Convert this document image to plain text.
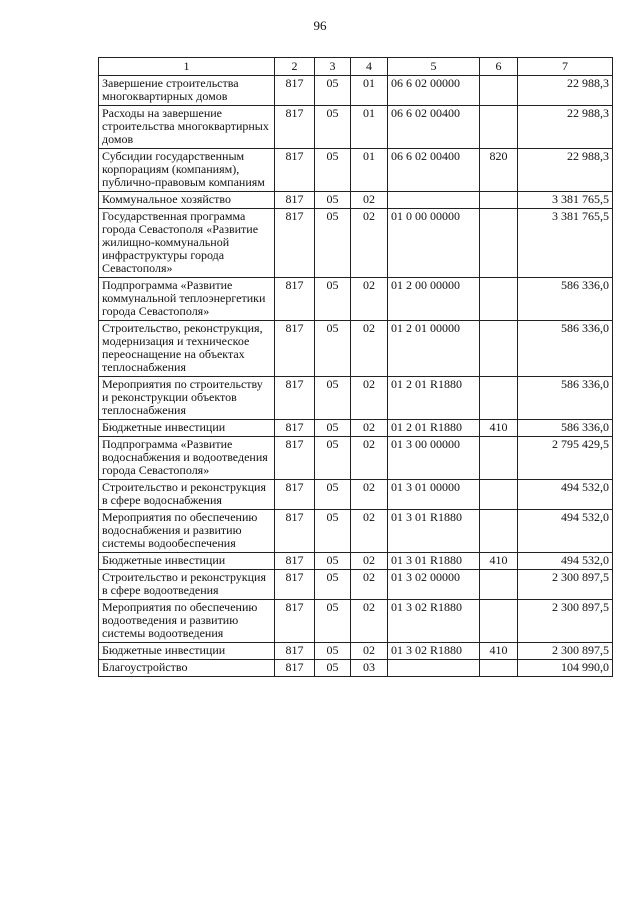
96
1	2	3	4	5	6	7
Завершение строительства многоквартирных домов	817	05	01	06 6 02 00000		22 988,3
Расходы на завершение строительства многоквартирных домов	817	05	01	06 6 02 00400		22 988,3
Субсидии государственным корпорациям (компаниям), публично-правовым компаниям	817	05	01	06 6 02 00400	820	22 988,3
Коммунальное хозяйство	817	05	02			3 381 765,5
Государственная программа города Севастополя «Развитие жилищно-коммунальной инфраструктуры города Севастополя»	817	05	02	01 0 00 00000		3 381 765,5
Подпрограмма «Развитие коммунальной теплоэнергетики города Севастополя»	817	05	02	01 2 00 00000		586 336,0
Строительство, реконструкция, модернизация и техническое переоснащение на объектах теплоснабжения	817	05	02	01 2 01 00000		586 336,0
Мероприятия по строительству и реконструкции объектов теплоснабжения	817	05	02	01 2 01 R1880		586 336,0
Бюджетные инвестиции	817	05	02	01 2 01 R1880	410	586 336,0
Подпрограмма «Развитие водоснабжения и водоотведения города Севастополя»	817	05	02	01 3 00 00000		2 795 429,5
Строительство и реконструкция в сфере водоснабжения	817	05	02	01 3 01 00000		494 532,0
Мероприятия по обеспечению водоснабжения и развитию системы водообеспечения	817	05	02	01 3 01 R1880		494 532,0
Бюджетные инвестиции	817	05	02	01 3 01 R1880	410	494 532,0
Строительство и реконструкция в сфере водоотведения	817	05	02	01 3 02 00000		2 300 897,5
Мероприятия по обеспечению водоотведения и развитию системы водоотведения	817	05	02	01 3 02 R1880		2 300 897,5
Бюджетные инвестиции	817	05	02	01 3 02 R1880	410	2 300 897,5
Благоустройство	817	05	03			104 990,0
